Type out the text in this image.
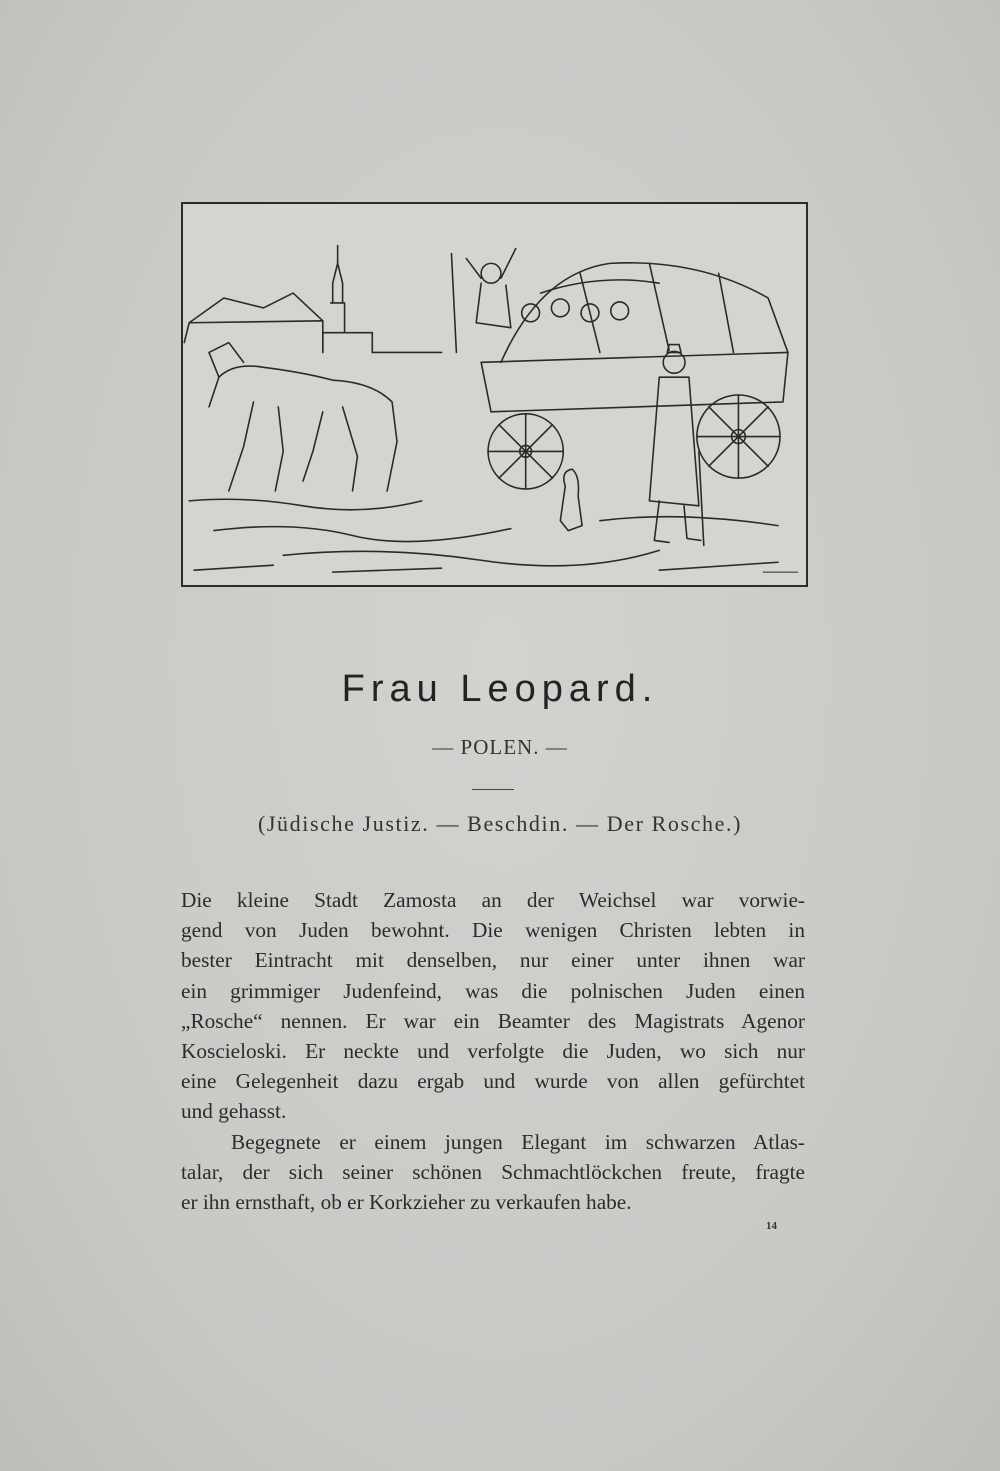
Frau Leopard.
— POLEN. —
(Jüdische Justiz. — Beschdin. — Der Rosche.)
Die kleine Stadt Zamosta an der Weichsel war vorwie-
gend von Juden bewohnt. Die wenigen Christen lebten in
bester Eintracht mit denselben, nur einer unter ihnen war
ein grimmiger Judenfeind, was die polnischen Juden einen
„Rosche“ nennen. Er war ein Beamter des Magistrats Agenor
Koscieloski. Er neckte und verfolgte die Juden, wo sich nur
eine Gelegenheit dazu ergab und wurde von allen gefürchtet
und gehasst.
Begegnete er einem jungen Elegant im schwarzen Atlas-
talar, der sich seiner schönen Schmachtlöckchen freute, fragte
er ihn ernsthaft, ob er Korkzieher zu verkaufen habe.
14
